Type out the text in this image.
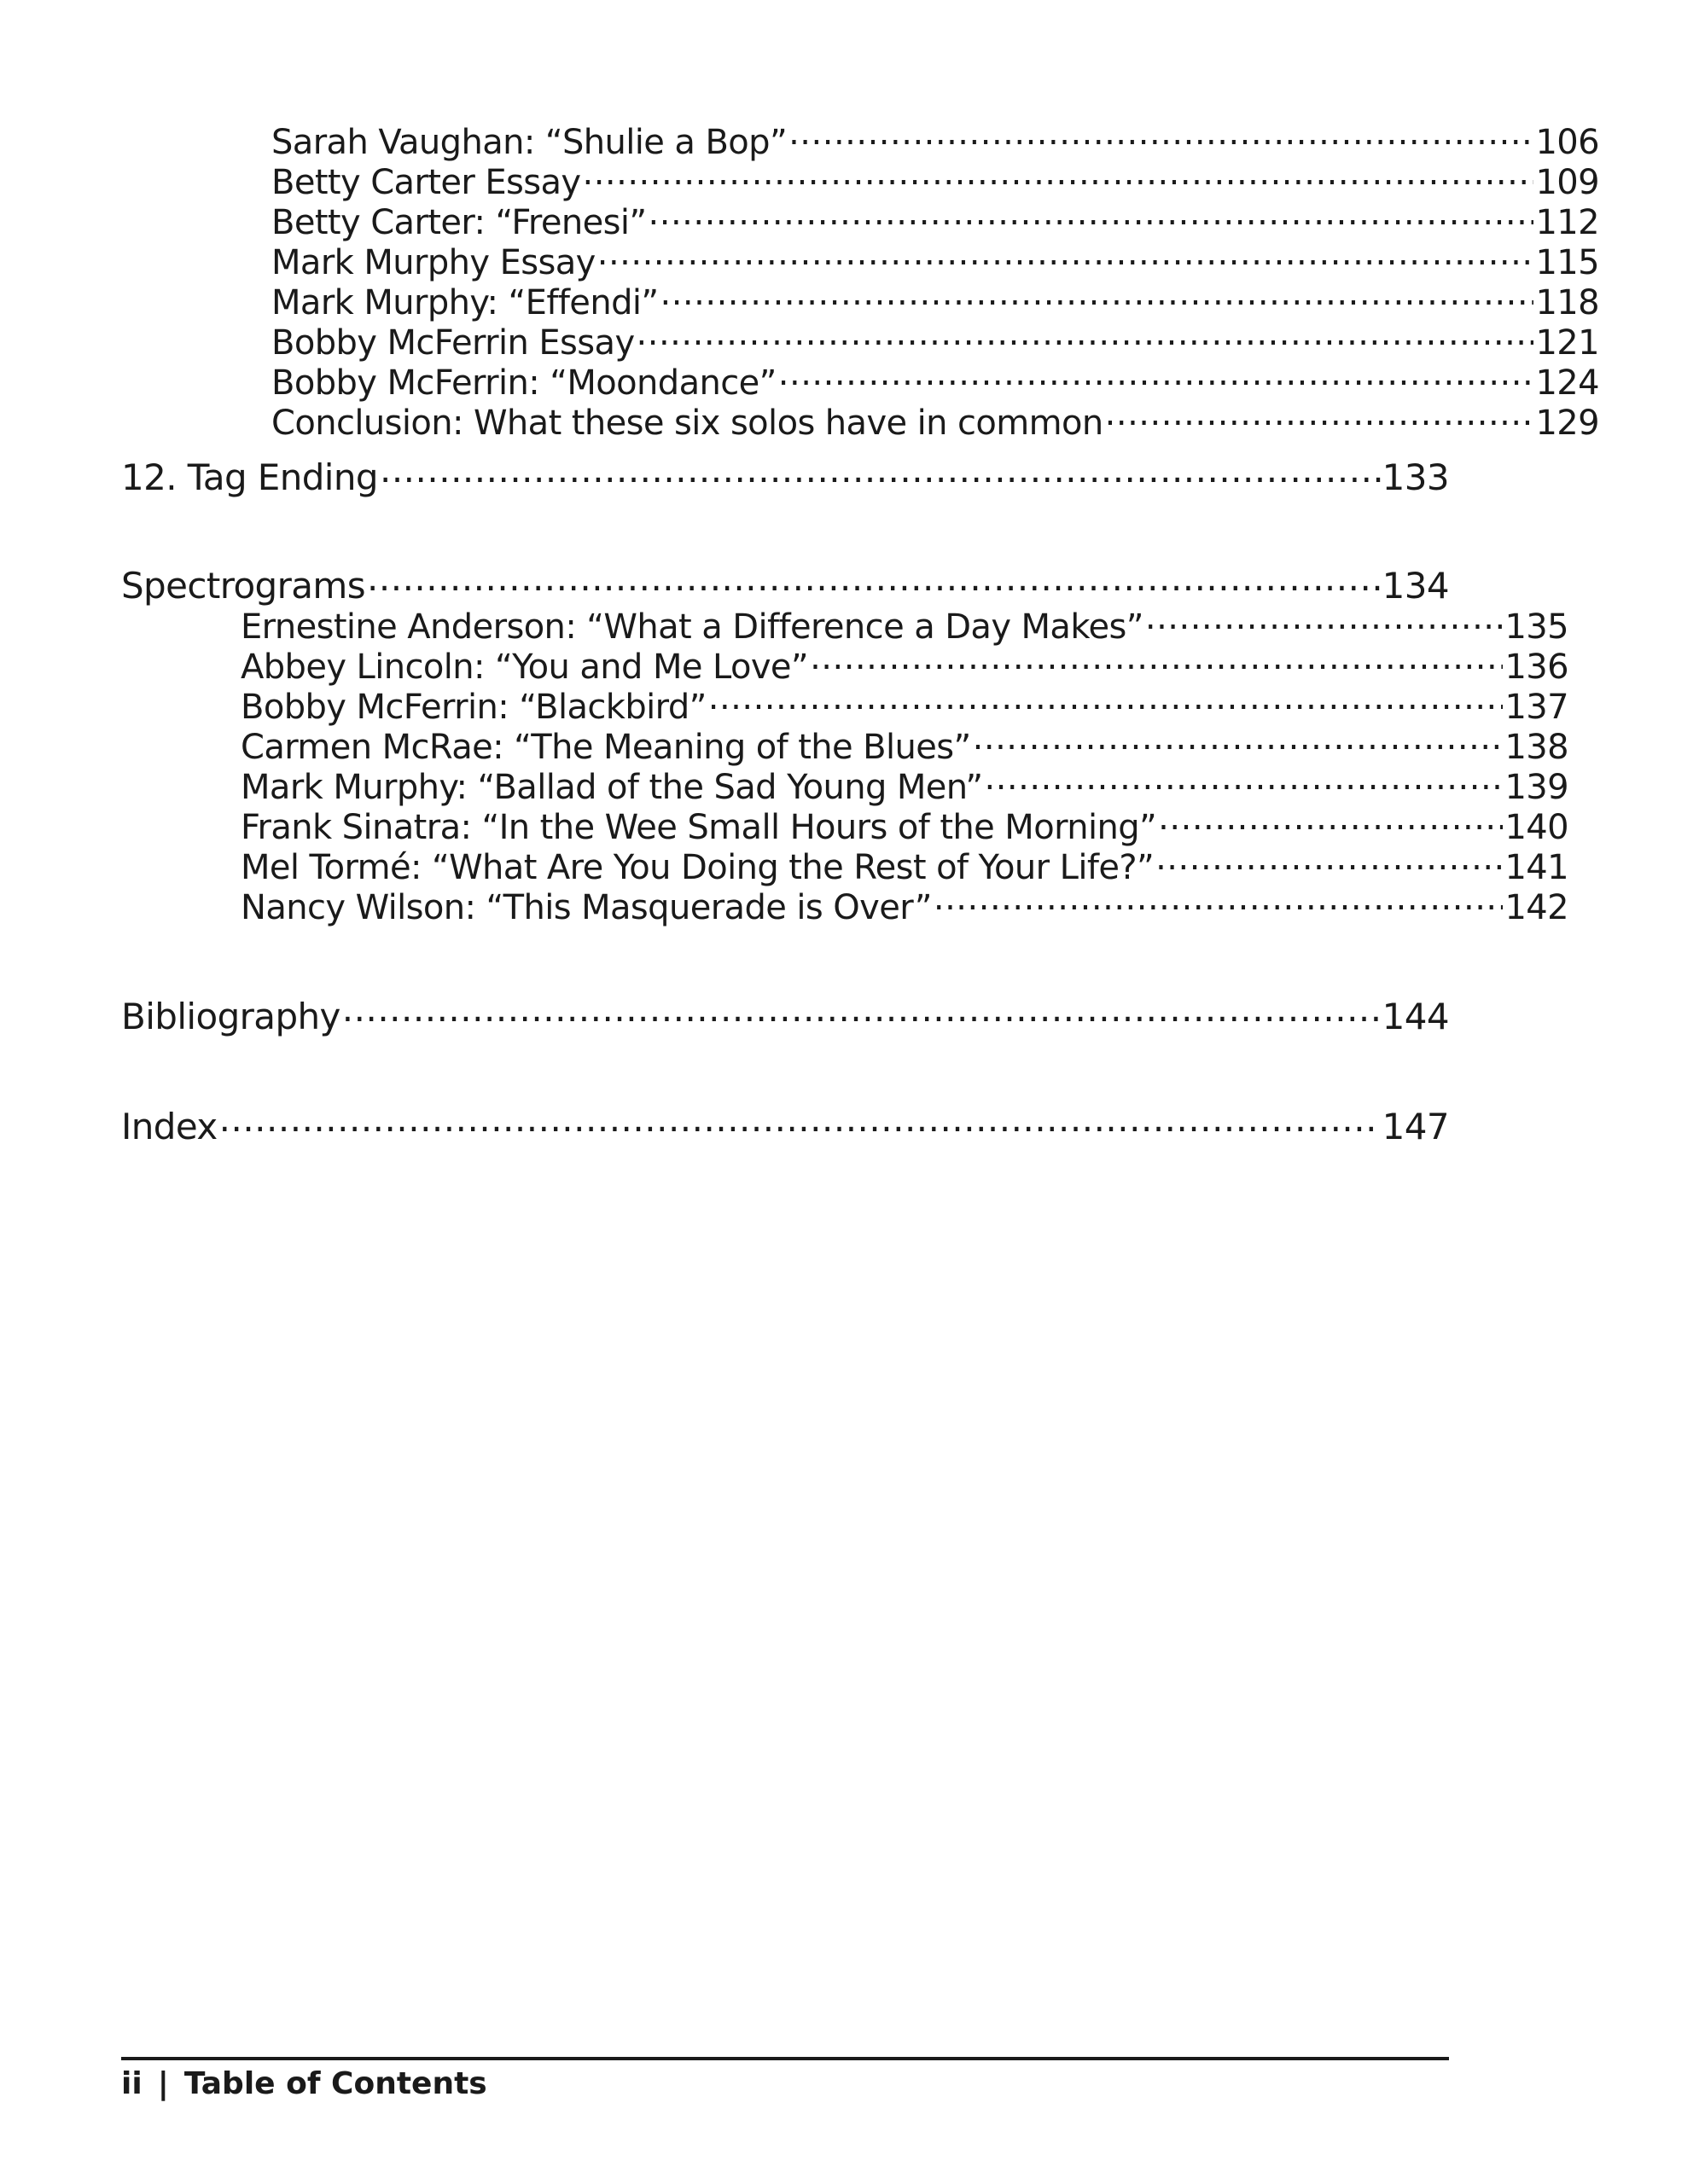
Sarah Vaughan: “Shulie a Bop” .....	106
Betty Carter Essay .....	109
Betty Carter: “Frenesi” .....	112
Mark Murphy Essay .....	115
Mark Murphy: “Effendi” .....	118
Bobby McFerrin Essay .....	121
Bobby McFerrin: “Moondance” .....	124
Conclusion: What these six solos have in common .....	129
12. Tag Ending .....	133
Spectrograms .....	134
Ernestine Anderson: “What a Difference a Day Makes” .....	135
Abbey Lincoln: “You and Me Love” .....	136
Bobby McFerrin: “Blackbird” .....	137
Carmen McRae: “The Meaning of the Blues” .....	138
Mark Murphy: “Ballad of the Sad Young Men” .....	139
Frank Sinatra: “In the Wee Small Hours of the Morning” .....	140
Mel Tormé: “What Are You Doing the Rest of Your Life?” .....	141
Nancy Wilson: “This Masquerade is Over” .....	142
Bibliography .....	144
Index .....	147
ii | Table of Contents
